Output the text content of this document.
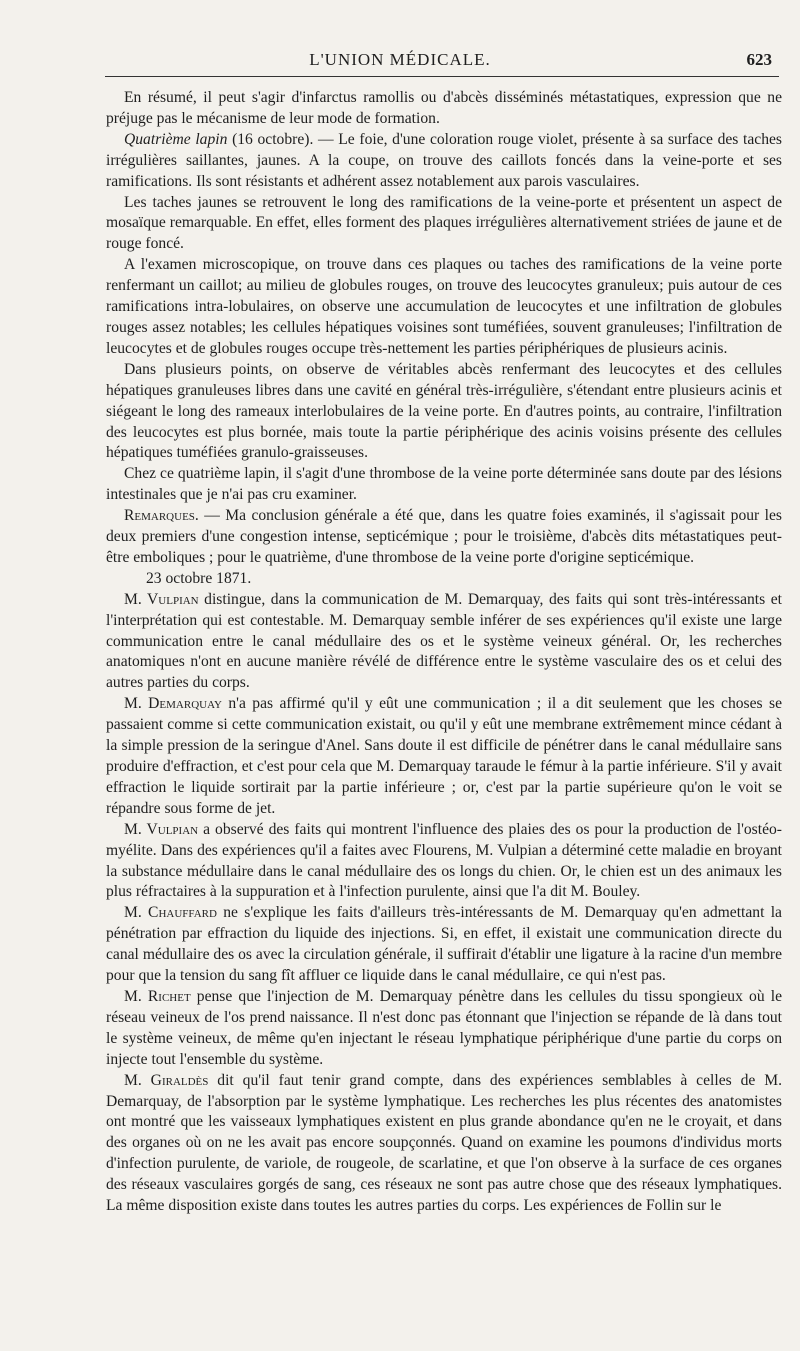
L'UNION MÉDICALE.	623

En résumé, il peut s'agir d'infarctus ramollis ou d'abcès disséminés métastatiques, expression que ne préjuge pas le mécanisme de leur mode de formation.

Quatrième lapin (16 octobre). — Le foie, d'une coloration rouge violet, présente à sa surface des taches irrégulières saillantes, jaunes. A la coupe, on trouve des caillots foncés dans la veine-porte et ses ramifications. Ils sont résistants et adhérent assez notablement aux parois vasculaires.

Les taches jaunes se retrouvent le long des ramifications de la veine-porte et présentent un aspect de mosaïque remarquable. En effet, elles forment des plaques irrégulières alternativement striées de jaune et de rouge foncé.

A l'examen microscopique, on trouve dans ces plaques ou taches des ramifications de la veine porte renfermant un caillot; au milieu de globules rouges, on trouve des leucocytes granuleux; puis autour de ces ramifications intra-lobulaires, on observe une accumulation de leucocytes et une infiltration de globules rouges assez notables; les cellules hépatiques voisines sont tuméfiées, souvent granuleuses; l'infiltration de leucocytes et de globules rouges occupe très-nettement les parties périphériques de plusieurs acinis.

Dans plusieurs points, on observe de véritables abcès renfermant des leucocytes et des cellules hépatiques granuleuses libres dans une cavité en général très-irrégulière, s'étendant entre plusieurs acinis et siégeant le long des rameaux interlobulaires de la veine porte. En d'autres points, au contraire, l'infiltration des leucocytes est plus bornée, mais toute la partie périphérique des acinis voisins présente des cellules hépatiques tuméfiées granulo-graisseuses.

Chez ce quatrième lapin, il s'agit d'une thrombose de la veine porte déterminée sans doute par des lésions intestinales que je n'ai pas cru examiner.

Remarques. — Ma conclusion générale a été que, dans les quatre foies examinés, il s'agissait pour les deux premiers d'une congestion intense, septicémique ; pour le troisième, d'abcès dits métastatiques peut-être emboliques ; pour le quatrième, d'une thrombose de la veine porte d'origine septicémique.

23 octobre 1871.

M. Vulpian distingue, dans la communication de M. Demarquay, des faits qui sont très-intéressants et l'interprétation qui est contestable. M. Demarquay semble inférer de ses expériences qu'il existe une large communication entre le canal médullaire des os et le système veineux général. Or, les recherches anatomiques n'ont en aucune manière révélé de différence entre le système vasculaire des os et celui des autres parties du corps.

M. Demarquay n'a pas affirmé qu'il y eût une communication ; il a dit seulement que les choses se passaient comme si cette communication existait, ou qu'il y eût une membrane extrêmement mince cédant à la simple pression de la seringue d'Anel. Sans doute il est difficile de pénétrer dans le canal médullaire sans produire d'effraction, et c'est pour cela que M. Demarquay taraude le fémur à la partie inférieure. S'il y avait effraction le liquide sortirait par la partie inférieure ; or, c'est par la partie supérieure qu'on le voit se répandre sous forme de jet.

M. Vulpian a observé des faits qui montrent l'influence des plaies des os pour la production de l'ostéo-myélite. Dans des expériences qu'il a faites avec Flourens, M. Vulpian a déterminé cette maladie en broyant la substance médullaire dans le canal médullaire des os longs du chien. Or, le chien est un des animaux les plus réfractaires à la suppuration et à l'infection purulente, ainsi que l'a dit M. Bouley.

M. Chauffard ne s'explique les faits d'ailleurs très-intéressants de M. Demarquay qu'en admettant la pénétration par effraction du liquide des injections. Si, en effet, il existait une communication directe du canal médullaire des os avec la circulation générale, il suffirait d'établir une ligature à la racine d'un membre pour que la tension du sang fît affluer ce liquide dans le canal médullaire, ce qui n'est pas.

M. Richet pense que l'injection de M. Demarquay pénètre dans les cellules du tissu spongieux où le réseau veineux de l'os prend naissance. Il n'est donc pas étonnant que l'injection se répande de là dans tout le système veineux, de même qu'en injectant le réseau lymphatique périphérique d'une partie du corps on injecte tout l'ensemble du système.

M. Giraldès dit qu'il faut tenir grand compte, dans des expériences semblables à celles de M. Demarquay, de l'absorption par le système lymphatique. Les recherches les plus récentes des anatomistes ont montré que les vaisseaux lymphatiques existent en plus grande abondance qu'en ne le croyait, et dans des organes où on ne les avait pas encore soupçonnés. Quand on examine les poumons d'individus morts d'infection purulente, de variole, de rougeole, de scarlatine, et que l'on observe à la surface de ces organes des réseaux vasculaires gorgés de sang, ces réseaux ne sont pas autre chose que des réseaux lymphatiques. La même disposition existe dans toutes les autres parties du corps. Les expériences de Follin sur le
